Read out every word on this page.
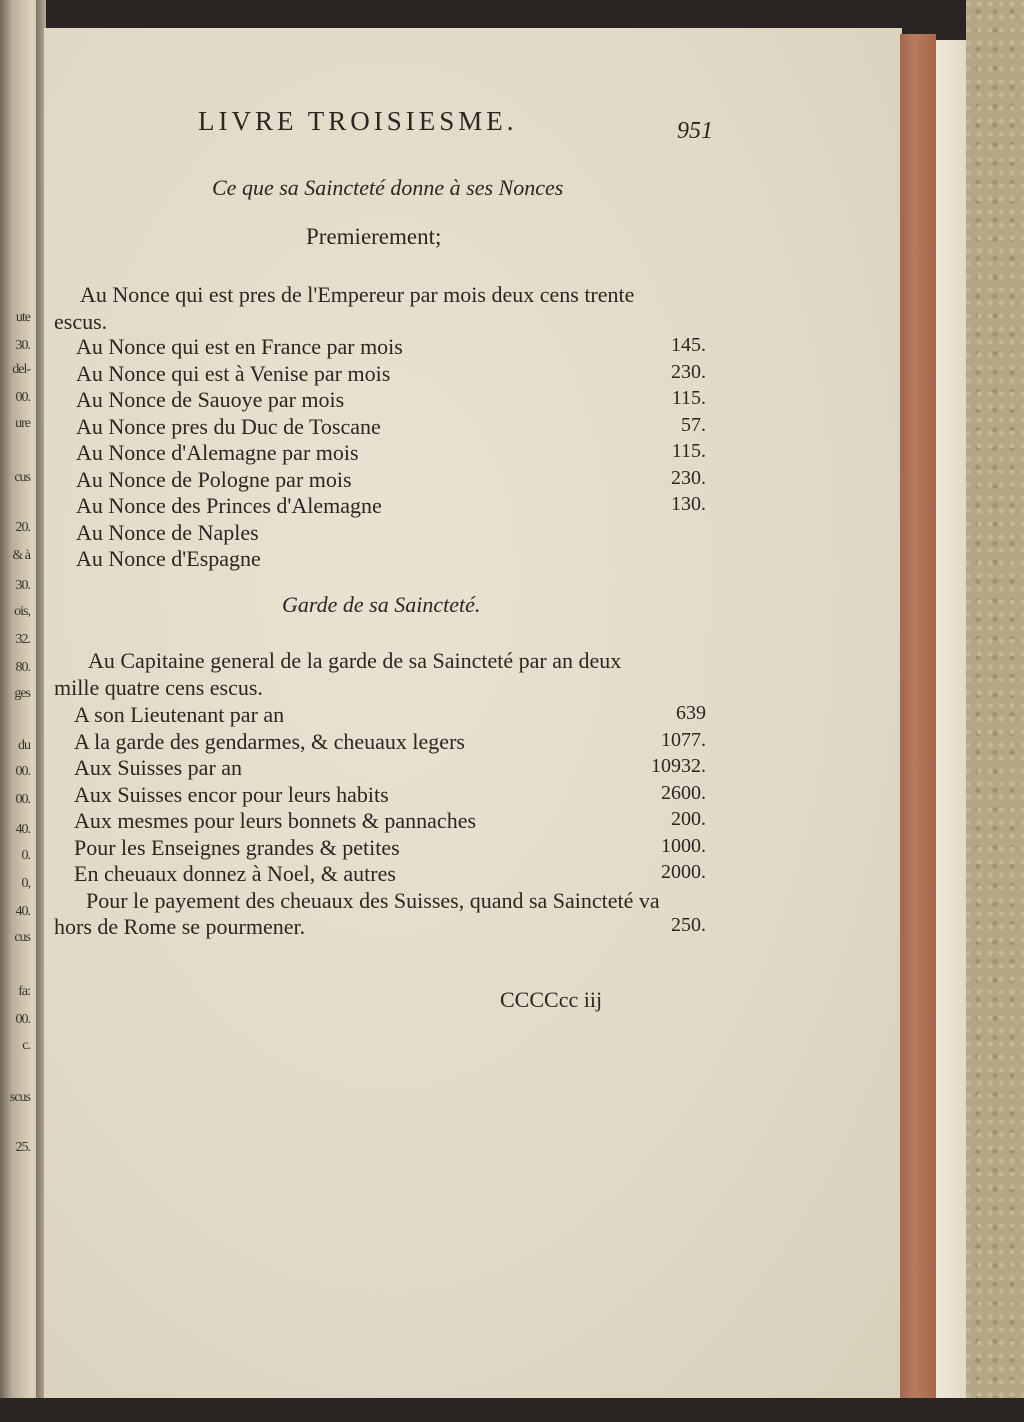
ute
30.
del-
00.
ure
cus
20.
& à
30.
ois,
32.
80.
ges
du
00.
00.
40.
0.
0,
40.
cus
fa:
00.
c.
scus
25.
LIVRE TROISIESME.	951
Ce que sa Saincteté donne à ses Nonces
Premierement;
Au Nonce qui est pres de l'Empereur par mois deux cens trente
escus.
Au Nonce qui est en France par mois	145.
Au Nonce qui est à Venise par mois	230.
Au Nonce de Sauoye par mois	115.
Au Nonce pres du Duc de Toscane	57.
Au Nonce d'Alemagne par mois	115.
Au Nonce de Pologne par mois	230.
Au Nonce des Princes d'Alemagne	130.
Au Nonce de Naples
Au Nonce d'Espagne
Au Capitaine general de la garde de sa Saincteté par an deux
mille quatre cens escus.
A son Lieutenant par an	639
A la garde des gendarmes, & cheuaux legers	1077.
Aux Suisses par an	10932.
Aux Suisses encor pour leurs habits	2600.
Aux mesmes pour leurs bonnets & pannaches	200.
Pour les Enseignes grandes & petites	1000.
En cheuaux donnez à Noel, & autres	2000.
Pour le payement des cheuaux des Suisses, quand sa Saincteté va
hors de Rome se pourmener.	250.
Garde de sa Saincteté.
CCCCcc iij
